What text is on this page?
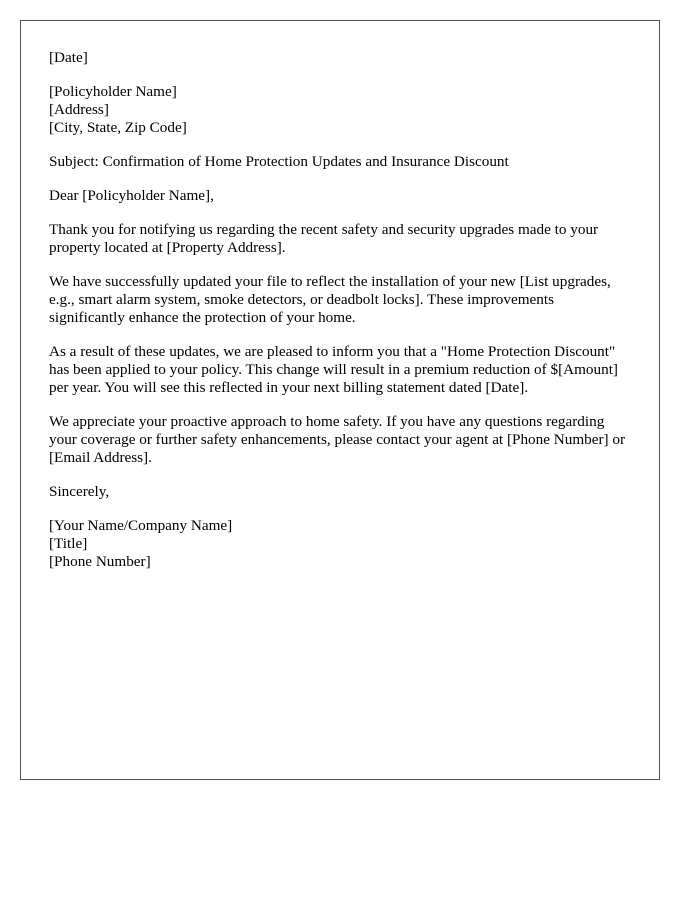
[Date]
[Policyholder Name]
[Address]
[City, State, Zip Code]
Subject: Confirmation of Home Protection Updates and Insurance Discount
Dear [Policyholder Name],

Thank you for notifying us regarding the recent safety and security upgrades made to your property located at [Property Address].

We have successfully updated your file to reflect the installation of your new [List upgrades, e.g., smart alarm system, smoke detectors, or deadbolt locks]. These improvements significantly enhance the protection of your home.

As a result of these updates, we are pleased to inform you that a "Home Protection Discount" has been applied to your policy. This change will result in a premium reduction of $[Amount] per year. You will see this reflected in your next billing statement dated [Date].

We appreciate your proactive approach to home safety. If you have any questions regarding your coverage or further safety enhancements, please contact your agent at [Phone Number] or [Email Address].

Sincerely,
[Your Name/Company Name]
[Title]
[Phone Number]
